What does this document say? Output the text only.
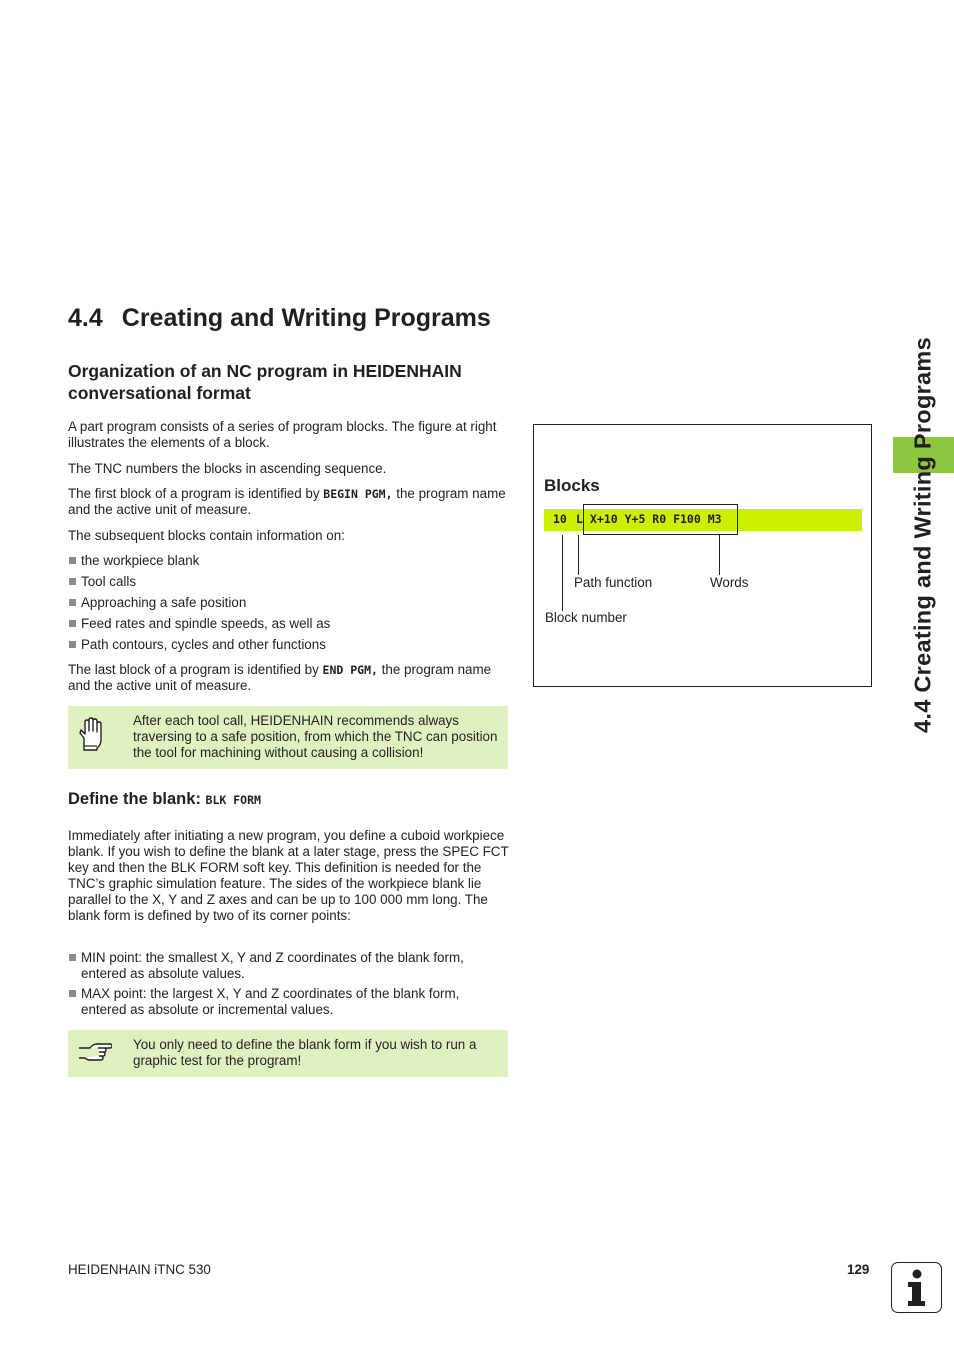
4.4 Creating and Writing Programs
Organization of an NC program in HEIDENHAIN conversational format

A part program consists of a series of program blocks. The figure at right illustrates the elements of a block.

The TNC numbers the blocks in ascending sequence.

The first block of a program is identified by BEGIN PGM, the program name and the active unit of measure.

The subsequent blocks contain information on:

the workpiece blank
Tool calls
Approaching a safe position
Feed rates and spindle speeds, as well as
Path contours, cycles and other functions

The last block of a program is identified by END PGM, the program name and the active unit of measure.

After each tool call, HEIDENHAIN recommends always traversing to a safe position, from which the TNC can position the tool for machining without causing a collision!
Define the blank: BLK FORM

Immediately after initiating a new program, you define a cuboid workpiece blank. If you wish to define the blank at a later stage, press the SPEC FCT key and then the BLK FORM soft key. This definition is needed for the TNC’s graphic simulation feature. The sides of the workpiece blank lie parallel to the X, Y and Z axes and can be up to 100 000 mm long. The blank form is defined by two of its corner points:

MIN point: the smallest X, Y and Z coordinates of the blank form, entered as absolute values.
MAX point: the largest X, Y and Z coordinates of the blank form, entered as absolute or incremental values.
You only need to define the blank form if you wish to run a graphic test for the program!
Blocks
10 L X+10 Y+5 R0 F100 M3
Path function	Words
Block number	4.4 Creating and Writing Programs
HEIDENHAIN iTNC 530	129
